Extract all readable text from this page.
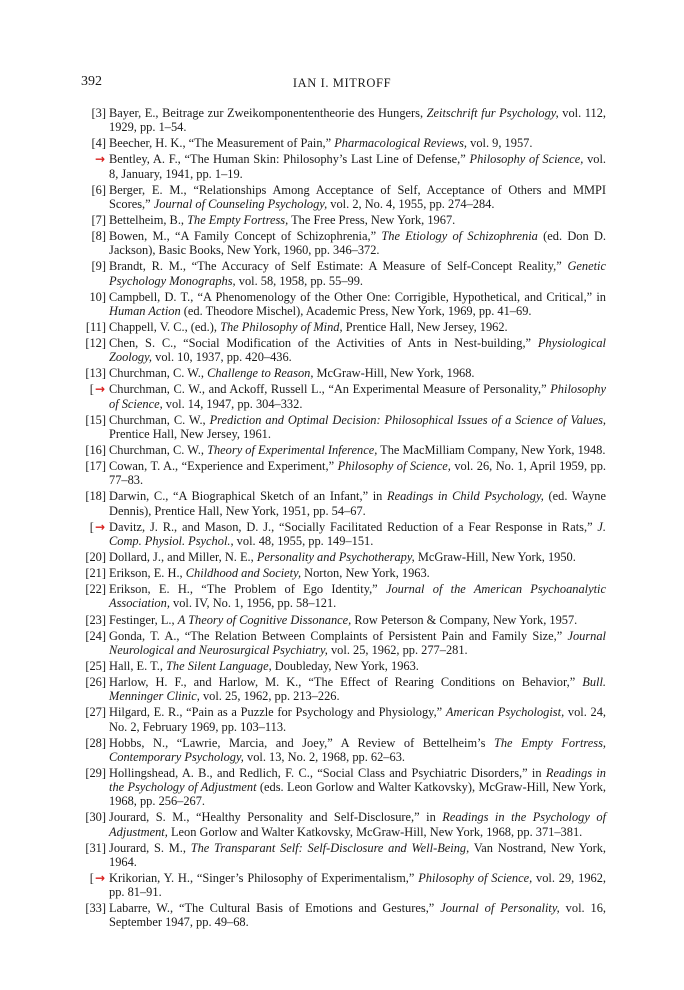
392	IAN I. MITROFF
[3] Bayer, E., Beitrage zur Zweikomponententheorie des Hungers, Zeitschrift fur Psychology, vol. 112, 1929, pp. 1–54.
[4] Beecher, H. K., “The Measurement of Pain,” Pharmacological Reviews, vol. 9, 1957.
→ Bentley, A. F., “The Human Skin: Philosophy’s Last Line of Defense,” Philosophy of Science, vol. 8, January, 1941, pp. 1–19.
[6] Berger, E. M., “Relationships Among Acceptance of Self, Acceptance of Others and MMPI Scores,” Journal of Counseling Psychology, vol. 2, No. 4, 1955, pp. 274–284.
[7] Bettelheim, B., The Empty Fortress, The Free Press, New York, 1967.
[8] Bowen, M., “A Family Concept of Schizophrenia,” The Etiology of Schizophrenia (ed. Don D. Jackson), Basic Books, New York, 1960, pp. 346–372.
[9] Brandt, R. M., “The Accuracy of Self Estimate: A Measure of Self-Concept Reality,” Genetic Psychology Monographs, vol. 58, 1958, pp. 55–99.
10] Campbell, D. T., “A Phenomenology of the Other One: Corrigible, Hypothetical, and Critical,” in Human Action (ed. Theodore Mischel), Academic Press, New York, 1969, pp. 41–69.
[11] Chappell, V. C., (ed.), The Philosophy of Mind, Prentice Hall, New Jersey, 1962.
[12] Chen, S. C., “Social Modification of the Activities of Ants in Nest-building,” Physiological Zoology, vol. 10, 1937, pp. 420–436.
[13] Churchman, C. W., Challenge to Reason, McGraw-Hill, New York, 1968.
[→ Churchman, C. W., and Ackoff, Russell L., “An Experimental Measure of Personality,” Philosophy of Science, vol. 14, 1947, pp. 304–332.
[15] Churchman, C. W., Prediction and Optimal Decision: Philosophical Issues of a Science of Values, Prentice Hall, New Jersey, 1961.
[16] Churchman, C. W., Theory of Experimental Inference, The MacMilliam Company, New York, 1948.
[17] Cowan, T. A., “Experience and Experiment,” Philosophy of Science, vol. 26, No. 1, April 1959, pp. 77–83.
[18] Darwin, C., “A Biographical Sketch of an Infant,” in Readings in Child Psychology, (ed. Wayne Dennis), Prentice Hall, New York, 1951, pp. 54–67.
[→ Davitz, J. R., and Mason, D. J., “Socially Facilitated Reduction of a Fear Response in Rats,” J. Comp. Physiol. Psychol., vol. 48, 1955, pp. 149–151.
[20] Dollard, J., and Miller, N. E., Personality and Psychotherapy, McGraw-Hill, New York, 1950.
[21] Erikson, E. H., Childhood and Society, Norton, New York, 1963.
[22] Erikson, E. H., “The Problem of Ego Identity,” Journal of the American Psychoanalytic Association, vol. IV, No. 1, 1956, pp. 58–121.
[23] Festinger, L., A Theory of Cognitive Dissonance, Row Peterson & Company, New York, 1957.
[24] Gonda, T. A., “The Relation Between Complaints of Persistent Pain and Family Size,” Journal Neurological and Neurosurgical Psychiatry, vol. 25, 1962, pp. 277–281.
[25] Hall, E. T., The Silent Language, Doubleday, New York, 1963.
[26] Harlow, H. F., and Harlow, M. K., “The Effect of Rearing Conditions on Behavior,” Bull. Menninger Clinic, vol. 25, 1962, pp. 213–226.
[27] Hilgard, E. R., “Pain as a Puzzle for Psychology and Physiology,” American Psychologist, vol. 24, No. 2, February 1969, pp. 103–113.
[28] Hobbs, N., “Lawrie, Marcia, and Joey,” A Review of Bettelheim’s The Empty Fortress, Contemporary Psychology, vol. 13, No. 2, 1968, pp. 62–63.
[29] Hollingshead, A. B., and Redlich, F. C., “Social Class and Psychiatric Disorders,” in Readings in the Psychology of Adjustment (eds. Leon Gorlow and Walter Katkovsky), McGraw-Hill, New York, 1968, pp. 256–267.
[30] Jourard, S. M., “Healthy Personality and Self-Disclosure,” in Readings in the Psychology of Adjustment, Leon Gorlow and Walter Katkovsky, McGraw-Hill, New York, 1968, pp. 371–381.
[31] Jourard, S. M., The Transparant Self: Self-Disclosure and Well-Being, Van Nostrand, New York, 1964.
[→ Krikorian, Y. H., “Singer’s Philosophy of Experimentalism,” Philosophy of Science, vol. 29, 1962, pp. 81–91.
[33] Labarre, W., “The Cultural Basis of Emotions and Gestures,” Journal of Personality, vol. 16, September 1947, pp. 49–68.
